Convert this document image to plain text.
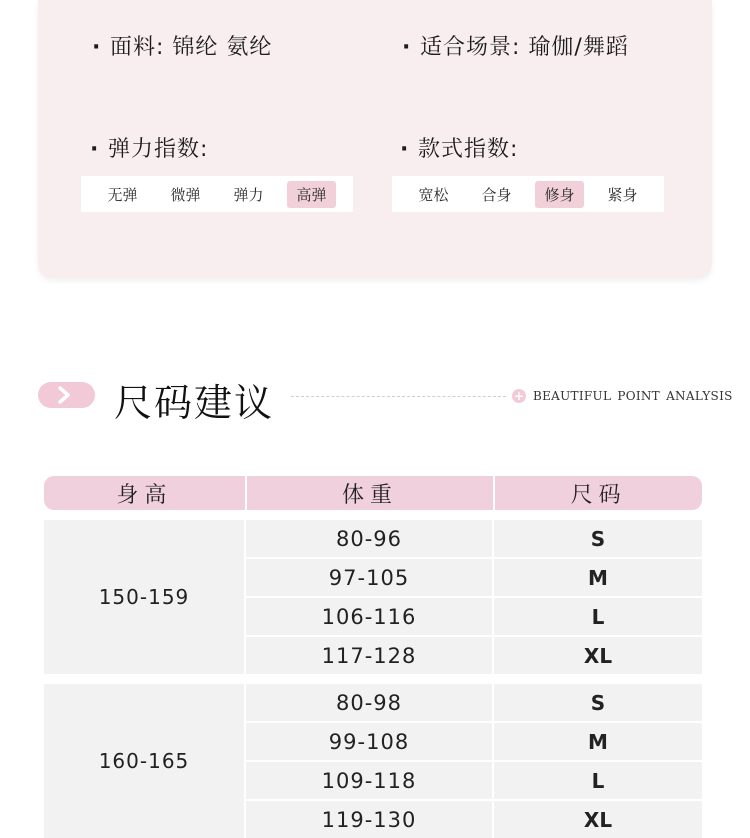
· 面料: 锦纶 氨纶	· 适合场景: 瑜伽/舞蹈
· 弹力指数:	· 款式指数:
无弹	微弹	弹力	高弹	宽松	合身	修身	紧身
尺码建议	+ BEAUTIFUL POINT ANALYSIS
身高	体重	尺码
150-159
80-96	S
97-105	M
106-116	L
117-128	XL
160-165
80-98	S
99-108	M
109-118	L
119-130	XL
